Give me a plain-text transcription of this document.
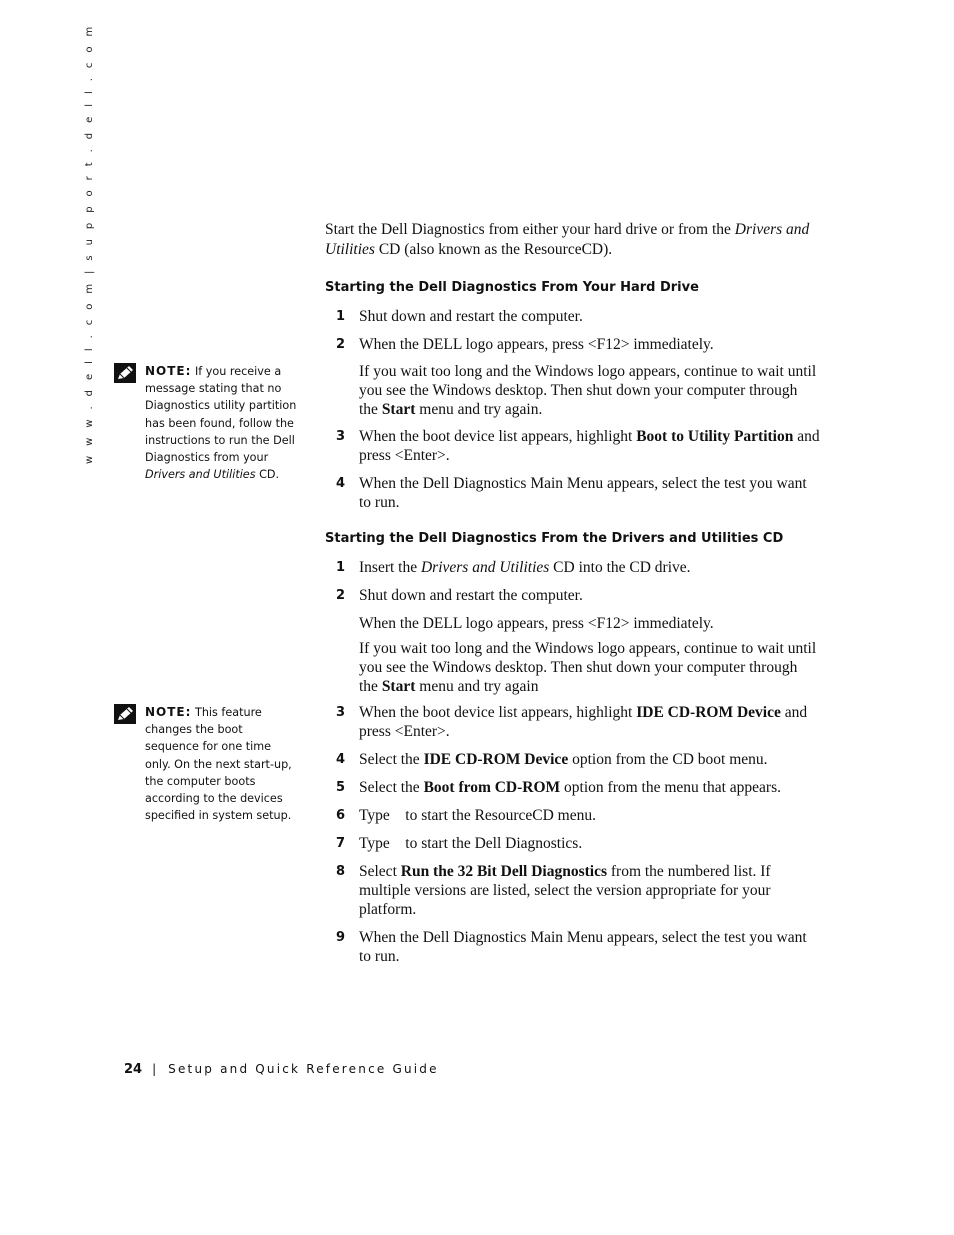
w w w . d e l l . c o m | s u p p o r t . d e l l . c o m	NOTE: If you receive a message stating that no Diagnostics utility partition has been found, follow the instructions to run the Dell Diagnostics from your Drivers and Utilities CD.
NOTE: This feature changes the boot sequence for one time only. On the next start-up, the computer boots according to the devices specified in system setup.
Start the Dell Diagnostics from either your hard drive or from the Drivers and Utilities CD (also known as the ResourceCD).
Starting the Dell Diagnostics From Your Hard Drive
1 Shut down and restart the computer.
2 When the DELL logo appears, press <F12> immediately.
If you wait too long and the Windows logo appears, continue to wait until you see the Windows desktop. Then shut down your computer through the Start menu and try again.
3 When the boot device list appears, highlight Boot to Utility Partition and press <Enter>.
4 When the Dell Diagnostics Main Menu appears, select the test you want to run.
Starting the Dell Diagnostics From the Drivers and Utilities CD
1 Insert the Drivers and Utilities CD into the CD drive.
2 Shut down and restart the computer.
When the DELL logo appears, press <F12> immediately.
If you wait too long and the Windows logo appears, continue to wait until you see the Windows desktop. Then shut down your computer through the Start menu and try again
3 When the boot device list appears, highlight IDE CD-ROM Device and press <Enter>.
4 Select the IDE CD-ROM Device option from the CD boot menu.
5 Select the Boot from CD-ROM option from the menu that appears.
6 Type    to start the ResourceCD menu.
7 Type    to start the Dell Diagnostics.
8 Select Run the 32 Bit Dell Diagnostics from the numbered list. If multiple versions are listed, select the version appropriate for your platform.
9 When the Dell Diagnostics Main Menu appears, select the test you want to run.
24 | Setup and Quick Reference Guide
